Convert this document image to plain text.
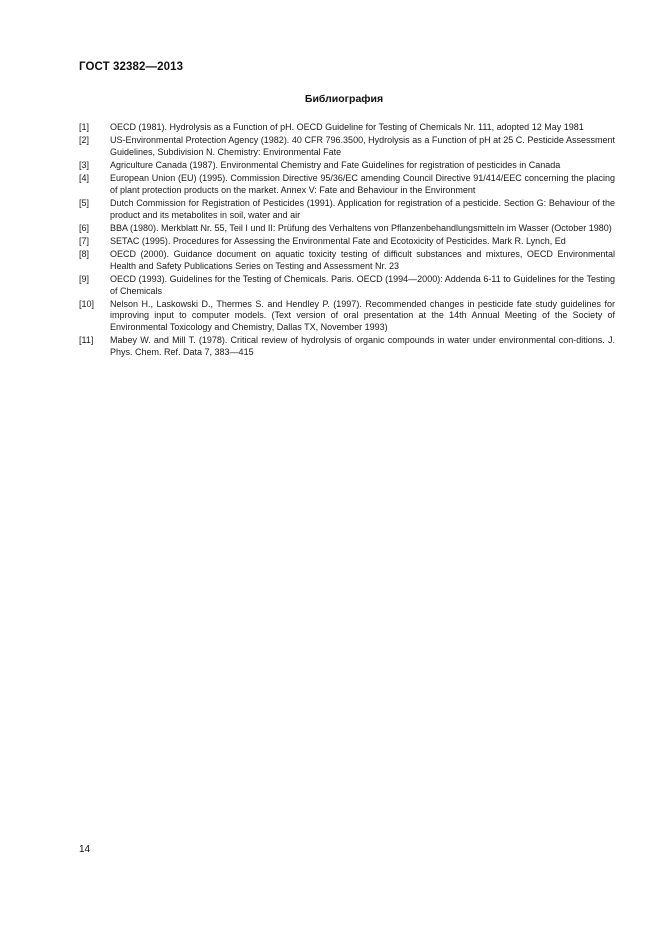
ГОСТ 32382—2013
Библиография
[1]	OECD (1981). Hydrolysis as a Function of pH. OECD Guideline for Testing of Chemicals Nr. 111, adopted 12 May 1981
[2]	US-Environmental Protection Agency (1982). 40 CFR 796.3500, Hydrolysis as a Function of pH at 25 C. Pesticide Assessment Guidelines, Subdivision N. Chemistry: Environmental Fate
[3]	Agriculture Canada (1987). Environmental Chemistry and Fate Guidelines for registration of pesticides in Canada
[4]	European Union (EU) (1995). Commission Directive 95/36/EC amending Council Directive 91/414/EEC concerning the placing of plant protection products on the market. Annex V: Fate and Behaviour in the Environment
[5]	Dutch Commission for Registration of Pesticides (1991). Application for registration of a pesticide. Section G: Behaviour of the product and its metabolites in soil, water and air
[6]	BBA (1980). Merkblatt Nr. 55, Teil I und II: Prüfung des Verhaltens von Pflanzenbehandlungsmitteln im Wasser (October 1980)
[7]	SETAC (1995). Procedures for Assessing the Environmental Fate and Ecotoxicity of Pesticides. Mark R. Lynch, Ed
[8]	OECD (2000). Guidance document on aquatic toxicity testing of difficult substances and mixtures, OECD Environmental Health and Safety Publications Series on Testing and Assessment Nr. 23
[9]	OECD (1993). Guidelines for the Testing of Chemicals. Paris. OECD (1994—2000): Addenda 6-11 to Guidelines for the Testing of Chemicals
[10]	Nelson H., Laskowski D., Thermes S. and Hendley P. (1997). Recommended changes in pesticide fate study guidelines for improving input to computer models. (Text version of oral presentation at the 14th Annual Meeting of the Society of Environmental Toxicology and Chemistry, Dallas TX, November 1993)
[11]	Mabey W. and Mill T. (1978). Critical review of hydrolysis of organic compounds in water under environmental con-ditions. J. Phys. Chem. Ref. Data 7, 383—415
14
